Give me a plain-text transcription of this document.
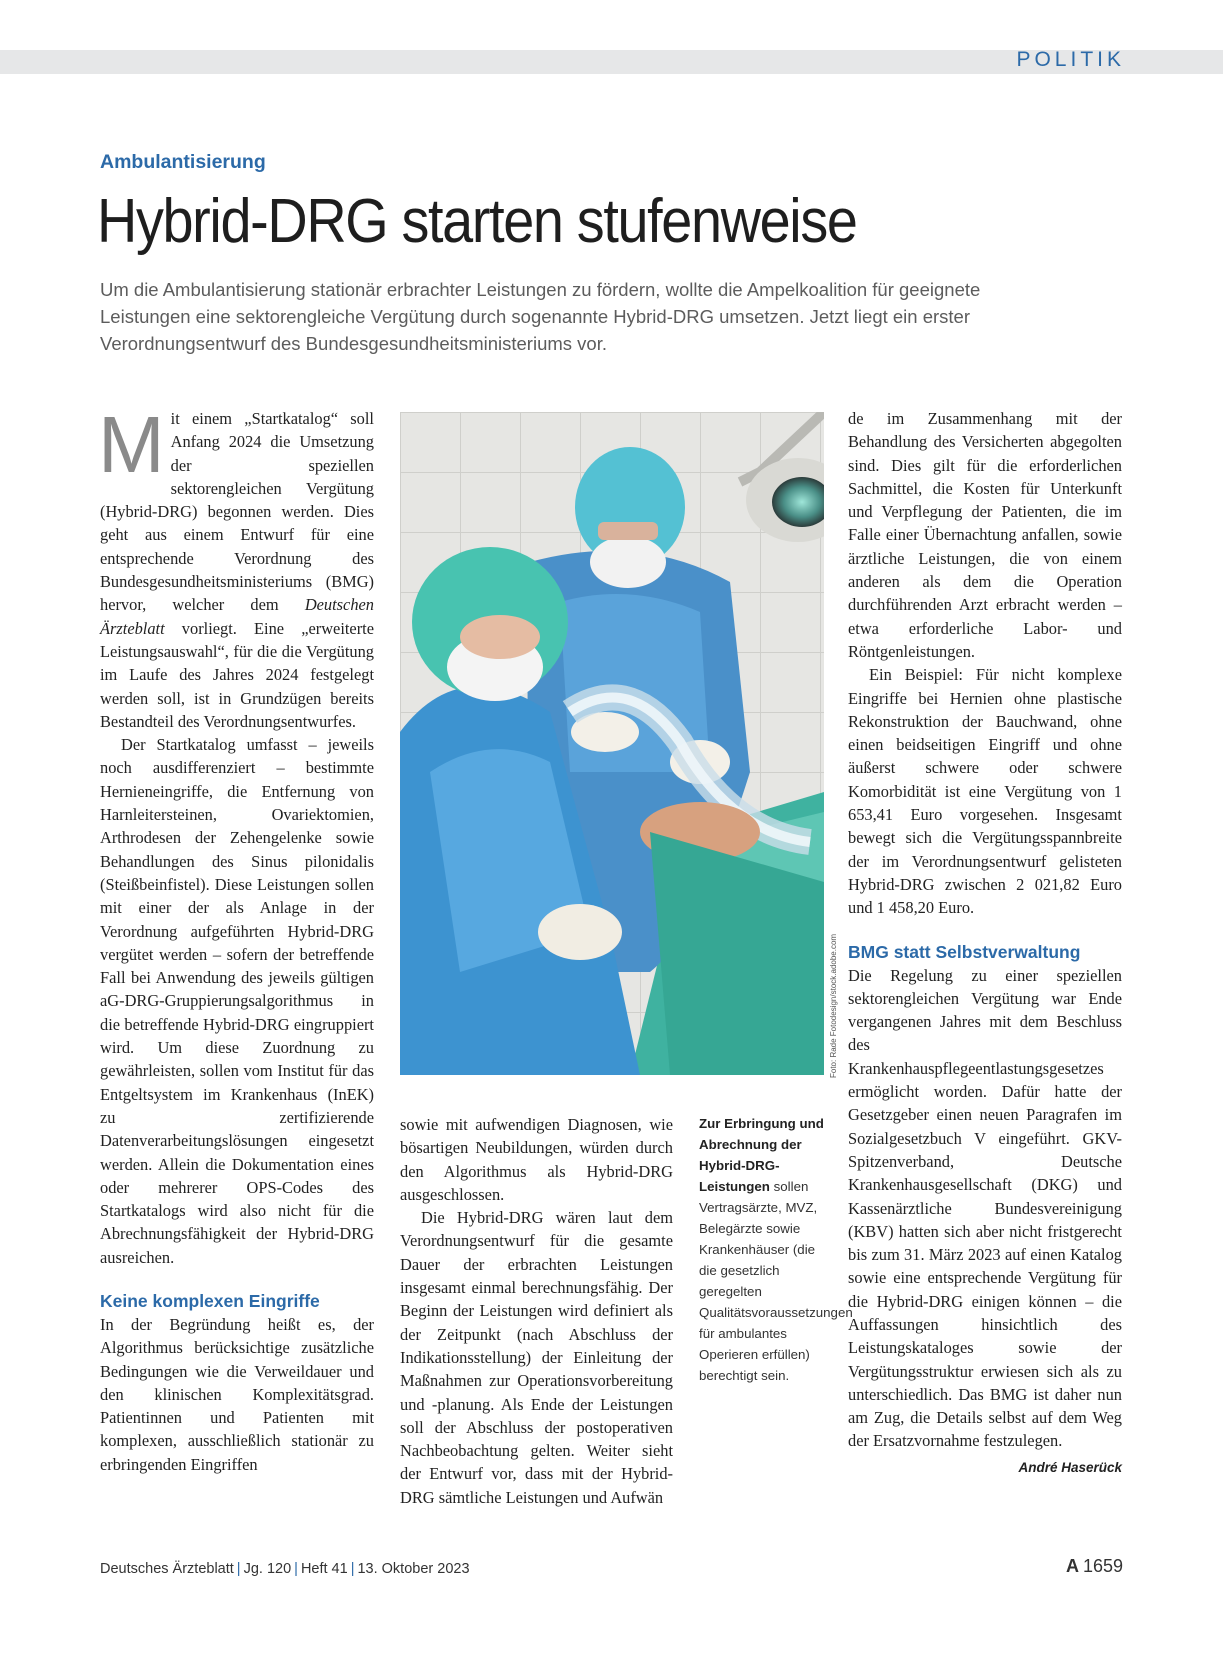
POLITIK
Ambulantisierung
Hybrid-DRG starten stufenweise

Um die Ambulantisierung stationär erbrachter Leistungen zu fördern, wollte die Ampelkoalition für geeignete Leistungen eine sektorengleiche Vergütung durch sogenannte Hybrid-DRG umsetzen. Jetzt liegt ein erster Verordnungsentwurf des Bundesgesundheitsministeriums vor.

Mit einem „Startkatalog“ soll Anfang 2024 die Umsetzung der speziellen sektorengleichen Vergütung (Hybrid-DRG) begonnen werden. Dies geht aus einem Entwurf für eine entsprechende Verordnung des Bundesgesundheitsministeriums (BMG) hervor, welcher dem Deutschen Ärzteblatt vorliegt. Eine „erweiterte Leistungsauswahl“, für die die Vergütung im Laufe des Jahres 2024 festgelegt werden soll, ist in Grundzügen bereits Bestandteil des Verordnungsentwurfes.

Der Startkatalog umfasst – jeweils noch ausdifferenziert – bestimmte Hernieneingriffe, die Entfernung von Harnleitersteinen, Ovariektomien, Arthrodesen der Zehengelenke sowie Behandlungen des Sinus pilonidalis (Steißbeinfistel). Diese Leistungen sollen mit einer der als Anlage in der Verordnung aufgeführten Hybrid-DRG vergütet werden – sofern der betreffende Fall bei Anwendung des jeweils gültigen aG-DRG-Gruppierungsalgorithmus in die betreffende Hybrid-DRG eingruppiert wird. Um diese Zuordnung zu gewährleisten, sollen vom Institut für das Entgeltsystem im Krankenhaus (InEK) zu zertifizierende Datenverarbeitungslösungen eingesetzt werden. Allein die Dokumentation eines oder mehrerer OPS-Codes des Startkatalogs wird also nicht für die Abrechnungsfähigkeit der Hybrid-DRG ausreichen.

Keine komplexen Eingriffe

In der Begründung heißt es, der Algorithmus berücksichtige zusätzliche Bedingungen wie die Verweildauer und den klinischen Komplexitätsgrad. Patientinnen und Patienten mit komplexen, ausschließlich stationär zu erbringenden Eingriffen

Foto: Rade Fotodesign/stock.adobe.com

sowie mit aufwendigen Diagnosen, wie bösartigen Neubildungen, würden durch den Algorithmus als Hybrid-DRG ausgeschlossen.

Die Hybrid-DRG wären laut dem Verordnungsentwurf für die gesamte Dauer der erbrachten Leistungen insgesamt einmal berechnungsfähig. Der Beginn der Leistungen wird definiert als der Zeitpunkt (nach Abschluss der Indikationsstellung) der Einleitung der Maßnahmen zur Operationsvorbereitung und -planung. Als Ende der Leistungen soll der Abschluss der postoperativen Nachbeobachtung gelten. Weiter sieht der Entwurf vor, dass mit der Hybrid-DRG sämtliche Leistungen und Aufwän

Zur Erbringung und Abrechnung der Hybrid-DRG-Leistungen sollen Vertragsärzte, MVZ, Belegärzte sowie Krankenhäuser (die die gesetzlich geregelten Qualitätsvoraussetzungen für ambulantes Operieren erfüllen) berechtigt sein.

de im Zusammenhang mit der Behandlung des Versicherten abgegolten sind. Dies gilt für die erforderlichen Sachmittel, die Kosten für Unterkunft und Verpflegung der Patienten, die im Falle einer Übernachtung anfallen, sowie ärztliche Leistungen, die von einem anderen als dem die Operation durchführenden Arzt erbracht werden – etwa erforderliche Labor- und Röntgenleistungen.

Ein Beispiel: Für nicht komplexe Eingriffe bei Hernien ohne plastische Rekonstruktion der Bauchwand, ohne einen beidseitigen Eingriff und ohne äußerst schwere oder schwere Komorbidität ist eine Vergütung von 1 653,41 Euro vorgesehen. Insgesamt bewegt sich die Vergütungsspannbreite der im Verordnungsentwurf gelisteten Hybrid-DRG zwischen 2 021,82 Euro und 1 458,20 Euro.

BMG statt Selbstverwaltung

Die Regelung zu einer speziellen sektorengleichen Vergütung war Ende vergangenen Jahres mit dem Beschluss des Krankenhauspflegeentlastungsgesetzes ermöglicht worden. Dafür hatte der Gesetzgeber einen neuen Paragrafen im Sozialgesetzbuch V eingeführt. GKV-Spitzenverband, Deutsche Krankenhausgesellschaft (DKG) und Kassenärztliche Bundesvereinigung (KBV) hatten sich aber nicht fristgerecht bis zum 31. März 2023 auf einen Katalog sowie eine entsprechende Vergütung für die Hybrid-DRG einigen können – die Auffassungen hinsichtlich des Leistungskataloges sowie der Vergütungsstruktur erwiesen sich als zu unterschiedlich. Das BMG ist daher nun am Zug, die Details selbst auf dem Weg der Ersatzvornahme festzulegen.
André Haserück

Deutsches Ärzteblatt | Jg. 120 | Heft 41 | 13. Oktober 2023	A 1659
